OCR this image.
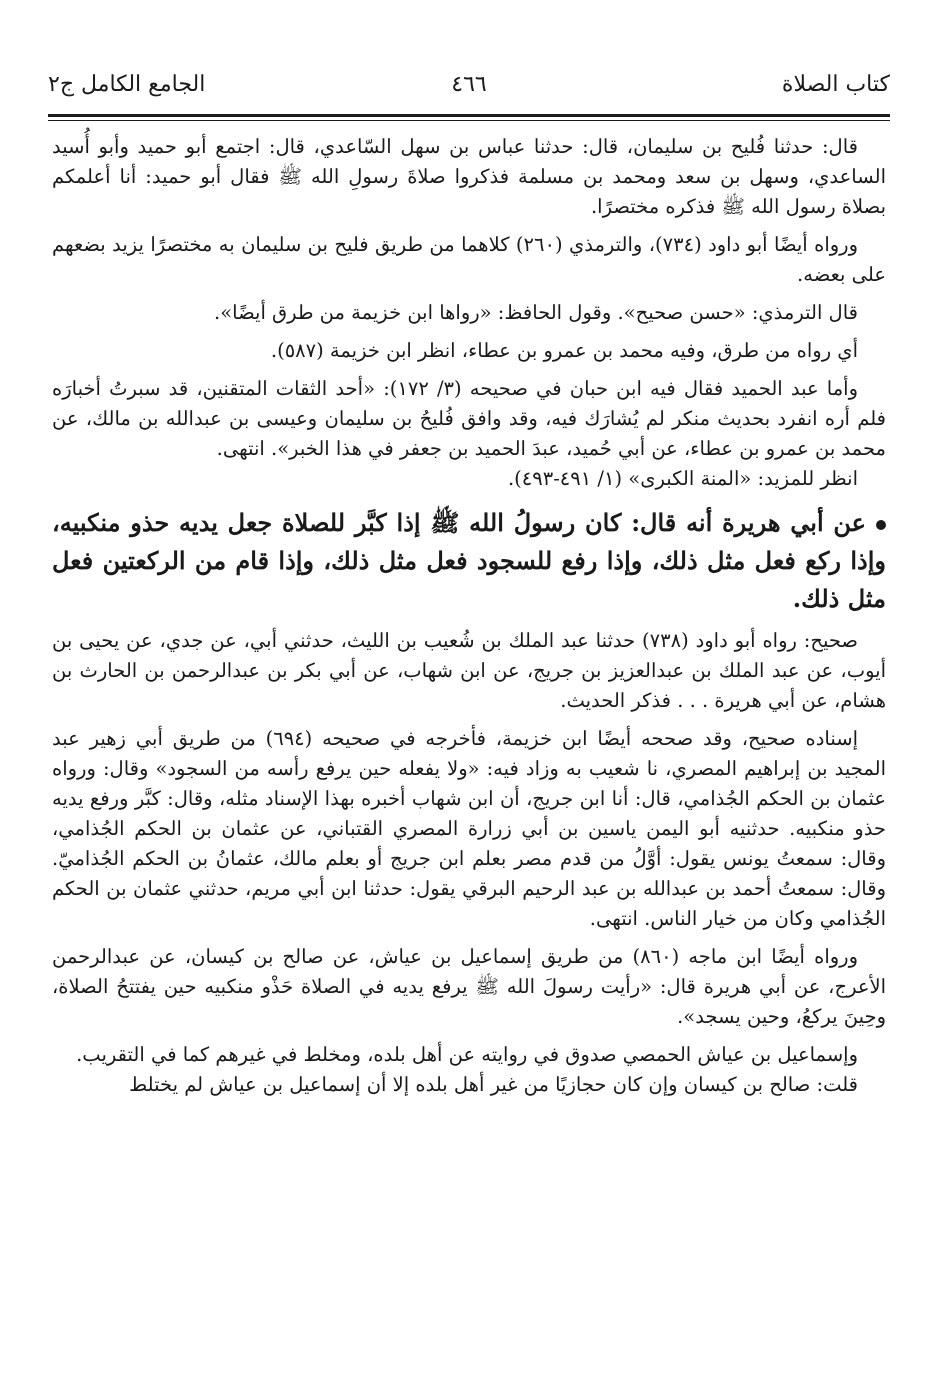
كتاب الصلاة
٤٦٦
الجامع الكامل ج٢

قال: حدثنا فُليح بن سليمان، قال: حدثنا عباس بن سهل السّاعدي، قال: اجتمع أبو حميد وأبو أُسيد الساعدي، وسهل بن سعد ومحمد بن مسلمة فذكروا صلاةَ رسولِ الله ﷺ فقال أبو حميد: أنا أعلمكم بصلاة رسول الله ﷺ فذكره مختصرًا.

ورواه أيضًا أبو داود (٧٣٤)، والترمذي (٢٦٠) كلاهما من طريق فليح بن سليمان به مختصرًا يزيد بضعهم على بعضه.

قال الترمذي: «حسن صحيح». وقول الحافظ: «رواها ابن خزيمة من طرق أيضًا».

أي رواه من طرق، وفيه محمد بن عمرو بن عطاء، انظر ابن خزيمة (٥٨٧).

وأما عبد الحميد فقال فيه ابن حبان في صحيحه (٣/ ١٧٢): «أحد الثقات المتقنين، قد سبرتُ أخبارَه فلم أره انفرد بحديث منكر لم يُشارَك فيه، وقد وافق فُليحُ بن سليمان وعيسى بن عبدالله بن مالك، عن محمد بن عمرو بن عطاء، عن أبي حُميد، عبدَ الحميد بن جعفر في هذا الخبر». انتهى.

انظر للمزيد: «المنة الكبرى» (١/ ٤٩١-٤٩٣).

عن أبي هريرة أنه قال: كان رسولُ الله ﷺ إذا كبَّر للصلاة جعل يديه حذو منكبيه، وإذا ركع فعل مثل ذلك، وإذا رفع للسجود فعل مثل ذلك، وإذا قام من الركعتين فعل مثل ذلك.

صحيح: رواه أبو داود (٧٣٨) حدثنا عبد الملك بن شُعيب بن الليث، حدثني أبي، عن جدي، عن يحيى بن أيوب، عن عبد الملك بن عبدالعزيز بن جريج، عن ابن شهاب، عن أبي بكر بن عبدالرحمن بن الحارث بن هشام، عن أبي هريرة . . . فذكر الحديث.

إسناده صحيح، وقد صححه أيضًا ابن خزيمة، فأخرجه في صحيحه (٦٩٤) من طريق أبي زهير عبد المجيد بن إبراهيم المصري، نا شعيب به وزاد فيه: «ولا يفعله حين يرفع رأسه من السجود» وقال: ورواه عثمان بن الحكم الجُذامي، قال: أنا ابن جريج، أن ابن شهاب أخبره بهذا الإسناد مثله، وقال: كبَّر ورفع يديه حذو منكبيه. حدثنيه أبو اليمن ياسين بن أبي زرارة المصري القتباني، عن عثمان بن الحكم الجُذامي، وقال: سمعتُ يونس يقول: أوَّلُ من قدم مصر بعلم ابن جريج أو بعلم مالك، عثمانُ بن الحكم الجُذاميّ. وقال: سمعتُ أحمد بن عبدالله بن عبد الرحيم البرقي يقول: حدثنا ابن أبي مريم، حدثني عثمان بن الحكم الجُذامي وكان من خيار الناس. انتهى.

ورواه أيضًا ابن ماجه (٨٦٠) من طريق إسماعيل بن عياش، عن صالح بن كيسان، عن عبدالرحمن الأعرج، عن أبي هريرة قال: «رأيت رسولَ الله ﷺ يرفع يديه في الصلاة حَذْو منكبيه حين يفتتحُ الصلاة، وحِينَ يركعُ، وحين يسجد».

وإسماعيل بن عياش الحمصي صدوق في روايته عن أهل بلده، ومخلط في غيرهم كما في التقريب.

قلت: صالح بن كيسان وإن كان حجازيًا من غير أهل بلده إلا أن إسماعيل بن عياش لم يختلط
